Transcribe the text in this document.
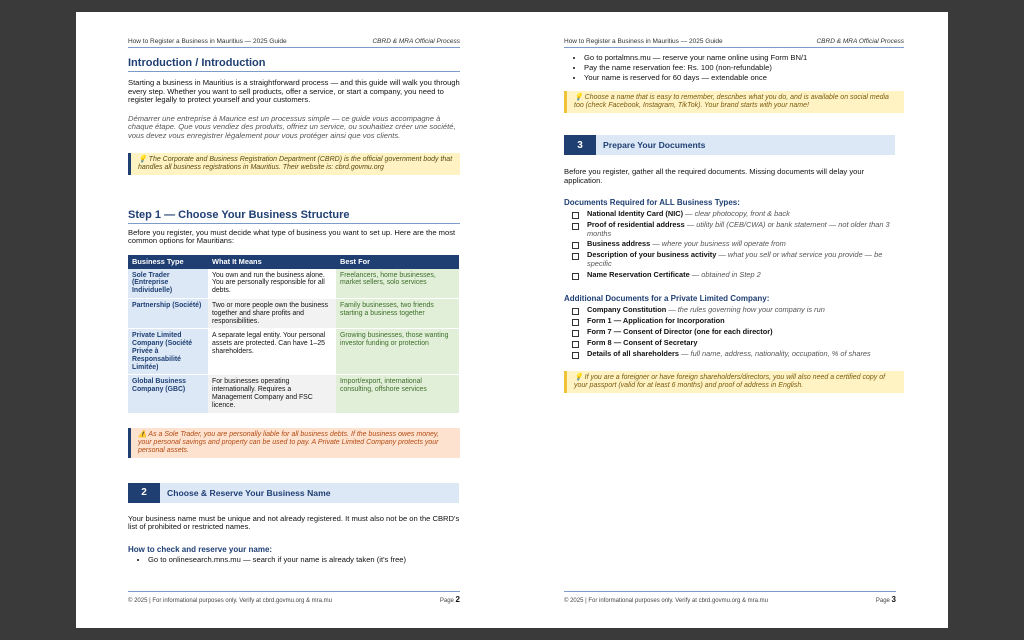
How to Register a Business in Mauritius — 2025 Guide	CBRD & MRA Official Process
Introduction / Introduction

Starting a business in Mauritius is a straightforward process — and this guide will walk you through every step. Whether you want to sell products, offer a service, or start a company, you need to register legally to protect yourself and your customers.

Démarrer une entreprise à Maurice est un processus simple — ce guide vous accompagne à chaque étape. Que vous vendiez des produits, offriez un service, ou souhaitiez créer une société, vous devez vous enregistrer légalement pour vous protéger ainsi que vos clients.

💡 The Corporate and Business Registration Department (CBRD) is the official government body that handles all business registrations in Mauritius. Their website is: cbrd.govmu.org
Step 1 — Choose Your Business Structure

Before you register, you must decide what type of business you want to set up. Here are the most common options for Mauritians:

Business Type	What It Means	Best For
Sole Trader (Entreprise Individuelle)	You own and run the business alone. You are personally responsible for all debts.	Freelancers, home businesses, market sellers, solo services
Partnership (Société)	Two or more people own the business together and share profits and responsibilities.	Family businesses, two friends starting a business together
Private Limited Company (Société Privée à Responsabilité Limitée)	A separate legal entity. Your personal assets are protected. Can have 1–25 shareholders.	Growing businesses, those wanting investor funding or protection
Global Business Company (GBC)	For businesses operating internationally. Requires a Management Company and FSC licence.	Import/export, international consulting, offshore services
⚠️ As a Sole Trader, you are personally liable for all business debts. If the business owes money, your personal savings and property can be used to pay. A Private Limited Company protects your personal assets.
2	Choose & Reserve Your Business Name

Your business name must be unique and not already registered. It must also not be on the CBRD's list of prohibited or restricted names.

How to check and reserve your name:
• Go to onlinesearch.mns.mu — search if your name is already taken (it's free)
© 2025 | For informational purposes only. Verify at cbrd.govmu.org & mra.mu	Page 2
How to Register a Business in Mauritius — 2025 Guide	CBRD & MRA Official Process
• Go to portalmns.mu — reserve your name online using Form BN/1
• Pay the name reservation fee: Rs. 100 (non-refundable)
• Your name is reserved for 60 days — extendable once
💡 Choose a name that is easy to remember, describes what you do, and is available on social media too (check Facebook, Instagram, TikTok). Your brand starts with your name!
3	Prepare Your Documents

Before you register, gather all the required documents. Missing documents will delay your application.

Documents Required for ALL Business Types:
National Identity Card (NIC) — clear photocopy, front & back
Proof of residential address — utility bill (CEB/CWA) or bank statement — not older than 3 months
Business address — where your business will operate from
Description of your business activity — what you sell or what service you provide — be specific
Name Reservation Certificate — obtained in Step 2
Additional Documents for a Private Limited Company:
Company Constitution — the rules governing how your company is run
Form 1 — Application for Incorporation
Form 7 — Consent of Director (one for each director)
Form 8 — Consent of Secretary
Details of all shareholders — full name, address, nationality, occupation, % of shares
💡 If you are a foreigner or have foreign shareholders/directors, you will also need a certified copy of your passport (valid for at least 6 months) and proof of address in English.
© 2025 | For informational purposes only. Verify at cbrd.govmu.org & mra.mu	Page 3
